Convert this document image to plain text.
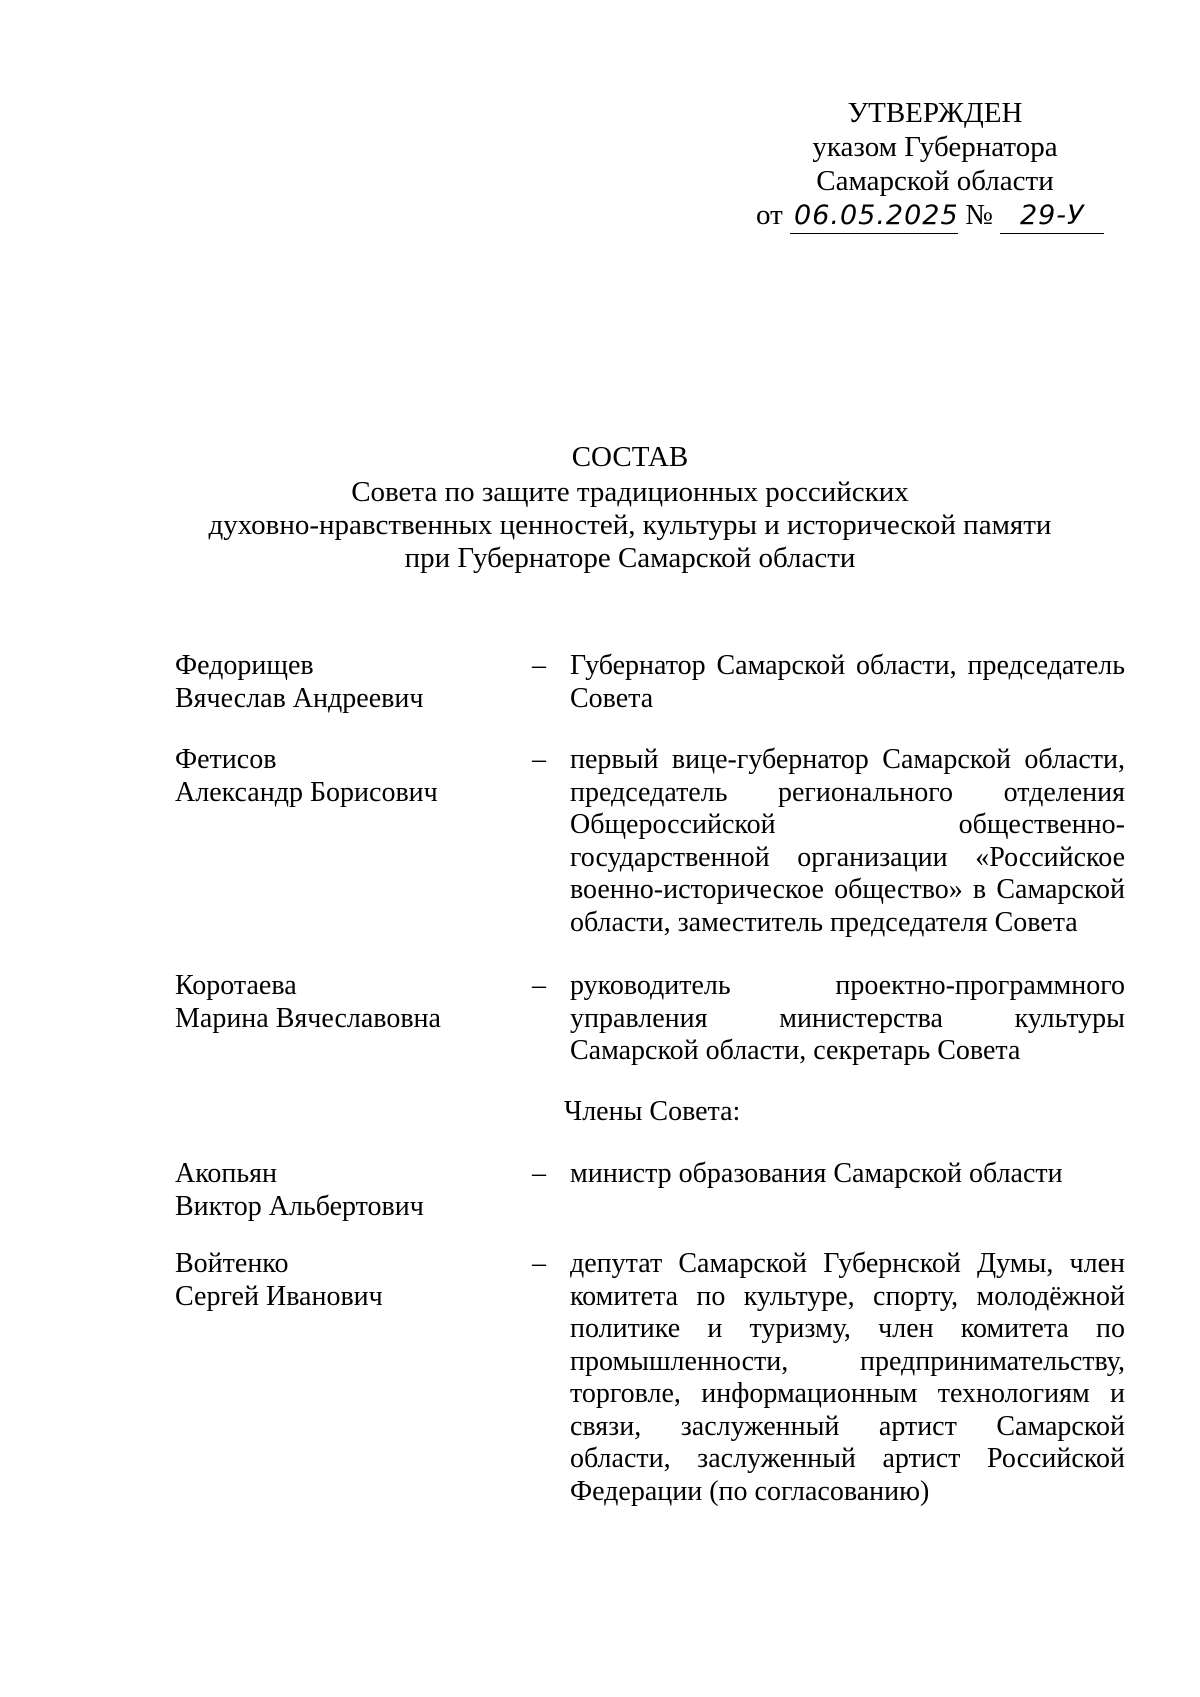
УТВЕРЖДЕН
указом Губернатора
Самарской области
от 06.05.2025 № 29-У
СОСТАВ
Совета по защите традиционных российских
духовно-нравственных ценностей, культуры и исторической памяти
при Губернаторе Самарской области
Федорищев
Вячеслав Андреевич
– Губернатор Самарской области, председатель Совета
Фетисов
Александр Борисович
– первый вице-губернатор Самарской области, председатель регионального отделения Общероссийской общественно-государственной организации «Российское военно-историческое общество» в Самарской области, заместитель председателя Совета
Коротаева
Марина Вячеславовна
– руководитель проектно-программного управления министерства культуры Самарской области, секретарь Совета
Члены Совета:
Акопьян
Виктор Альбертович
– министр образования Самарской области
Войтенко
Сергей Иванович
– депутат Самарской Губернской Думы, член комитета по культуре, спорту, молодёжной политике и туризму, член комитета по промышленности, предпринимательству, торговле, информационным технологиям и связи, заслуженный артист Самарской области, заслуженный артист Российской Федерации (по согласованию)
